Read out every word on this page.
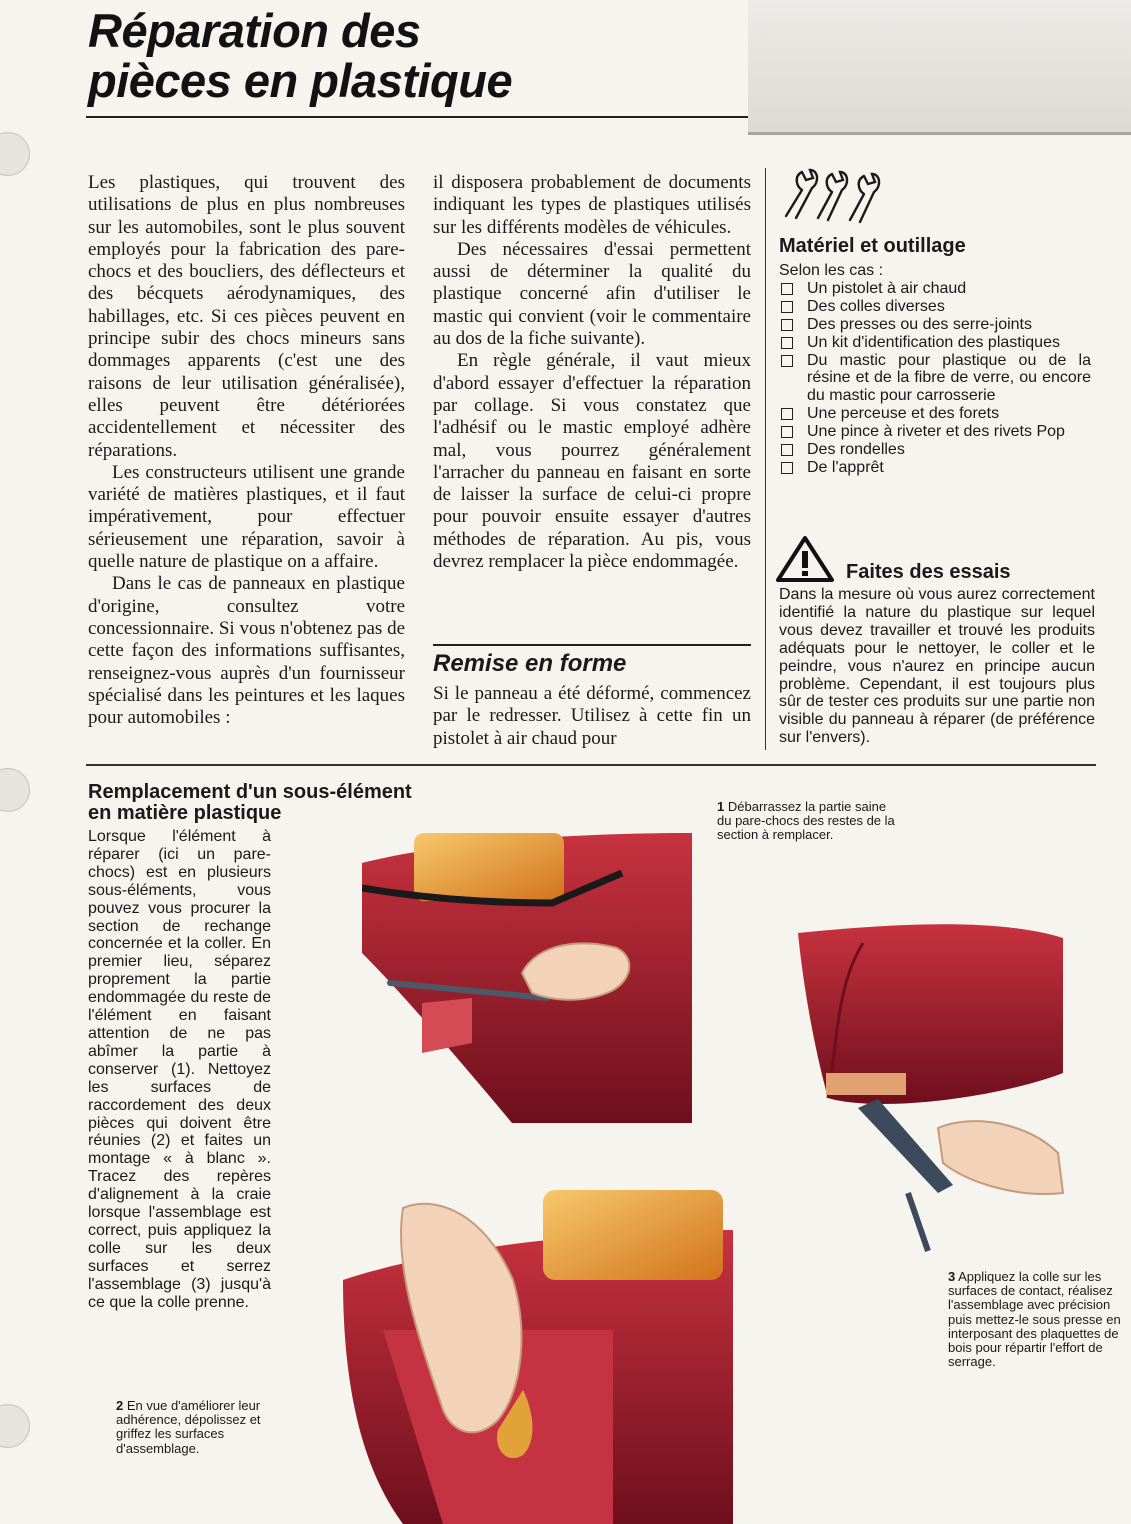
Réparation des
pièces en plastique

Les plastiques, qui trouvent des utilisations de plus en plus nombreuses sur les automobiles, sont le plus souvent employés pour la fabrication des pare-chocs et des boucliers, des déflecteurs et des bécquets aérodynamiques, des habillages, etc. Si ces pièces peuvent en principe subir des chocs mineurs sans dommages apparents (c'est une des raisons de leur utilisation généralisée), elles peuvent être détériorées accidentellement et nécessiter des réparations.

Les constructeurs utilisent une grande variété de matières plastiques, et il faut impérativement, pour effectuer sérieusement une réparation, savoir à quelle nature de plastique on a affaire.

Dans le cas de panneaux en plastique d'origine, consultez votre concessionnaire. Si vous n'obtenez pas de cette façon des informations suffisantes, renseignez-vous auprès d'un fournisseur spécialisé dans les peintures et les laques pour automobiles :

il disposera probablement de documents indiquant les types de plastiques utilisés sur les différents modèles de véhicules.

Des nécessaires d'essai permettent aussi de déterminer la qualité du plastique concerné afin d'utiliser le mastic qui convient (voir le commentaire au dos de la fiche suivante).

En règle générale, il vaut mieux d'abord essayer d'effectuer la réparation par collage. Si vous constatez que l'adhésif ou le mastic employé adhère mal, vous pourrez généralement l'arracher du panneau en faisant en sorte de laisser la surface de celui-ci propre pour pouvoir ensuite essayer d'autres méthodes de réparation. Au pis, vous devrez remplacer la pièce endommagée.

Remise en forme

Si le panneau a été déformé, commencez par le redresser. Utilisez à cette fin un pistolet à air chaud pour

Matériel et outillage
Selon les cas :
Un pistolet à air chaud
Des colles diverses
Des presses ou des serre-joints
Un kit d'identification des plastiques
Du mastic pour plastique ou de la résine et de la fibre de verre, ou encore du mastic pour carrosserie
Une perceuse et des forets
Une pince à riveter et des rivets Pop
Des rondelles
De l'apprêt
Faites des essais
Dans la mesure où vous aurez correctement identifié la nature du plastique sur lequel vous devez travailler et trouvé les produits adéquats pour le nettoyer, le coller et le peindre, vous n'aurez en principe aucun problème. Cependant, il est toujours plus sûr de tester ces produits sur une partie non visible du panneau à réparer (de préférence sur l'envers).
Remplacement d'un sous-élément
en matière plastique
Lorsque l'élément à réparer (ici un pare-chocs) est en plusieurs sous-éléments, vous pouvez vous procurer la section de rechange concernée et la coller. En premier lieu, séparez proprement la partie endommagée du reste de l'élément en faisant attention de ne pas abîmer la partie à conserver (1). Nettoyez les surfaces de raccordement des deux pièces qui doivent être réunies (2) et faites un montage « à blanc ». Tracez des repères d'alignement à la craie lorsque l'assemblage est correct, puis appliquez la colle sur les deux surfaces et serrez l'assemblage (3) jusqu'à ce que la colle prenne.
1 Débarrassez la partie saine du pare-chocs des restes de la section à remplacer.
2 En vue d'améliorer leur adhérence, dépolissez et griffez les surfaces d'assemblage.
3 Appliquez la colle sur les surfaces de contact, réalisez l'assemblage avec précision puis mettez-le sous presse en interposant des plaquettes de bois pour répartir l'effort de serrage.
